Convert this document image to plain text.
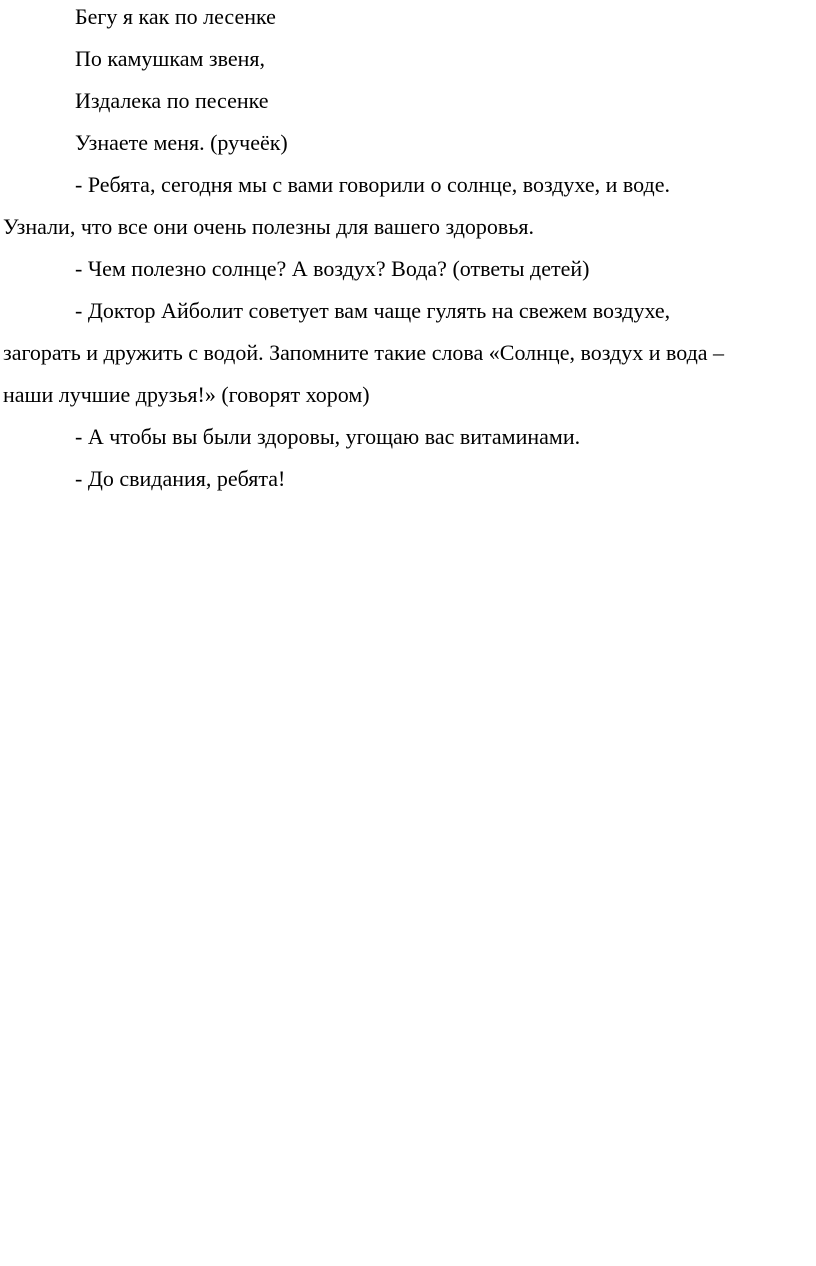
Бегу я как по лесенке
По камушкам звеня,
Издалека по песенке
Узнаете меня. (ручеёк)
- Ребята, сегодня мы с вами говорили о солнце, воздухе, и воде.
Узнали, что все они очень полезны для вашего здоровья.
- Чем полезно солнце? А воздух? Вода? (ответы детей)
- Доктор Айболит советует вам чаще гулять на свежем воздухе,
загорать и дружить с водой. Запомните такие слова «Солнце, воздух и вода –
наши лучшие друзья!» (говорят хором)
- А чтобы вы были здоровы, угощаю вас витаминами.
- До свидания, ребята!
